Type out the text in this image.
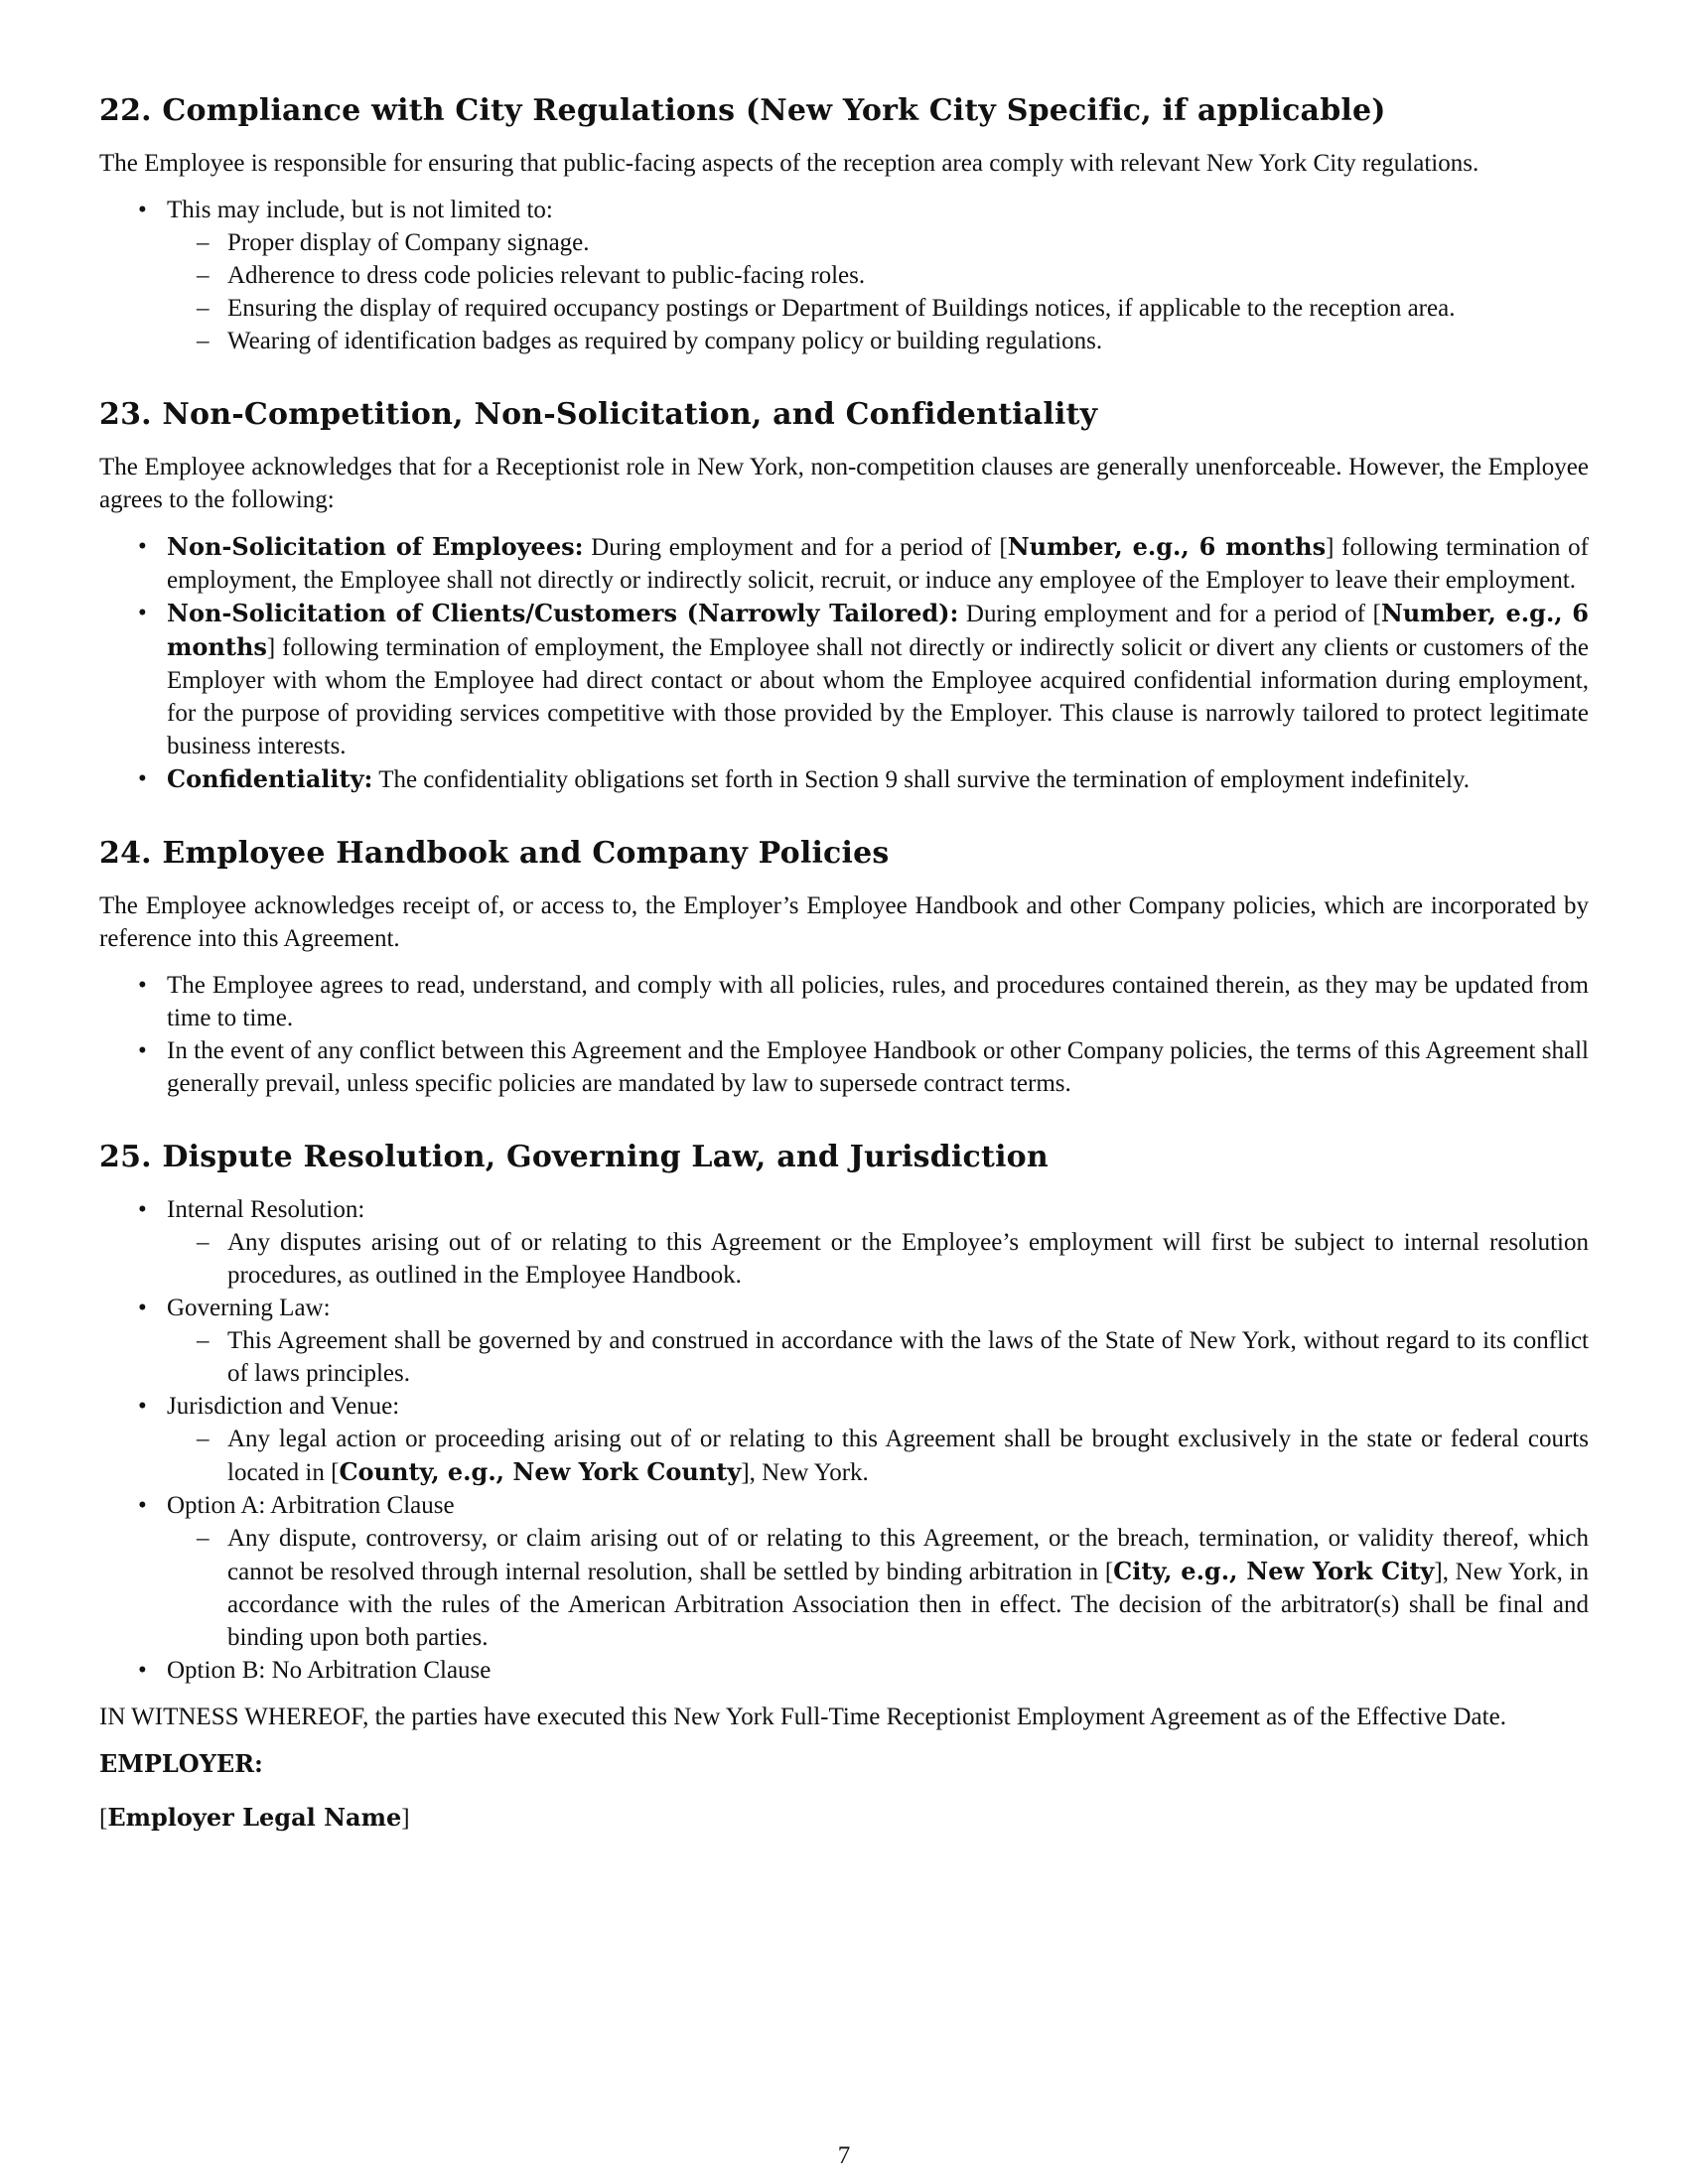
22. Compliance with City Regulations (New York City Specific, if applicable)

The Employee is responsible for ensuring that public-facing aspects of the reception area comply with relevant New York City regulations.

• This may include, but is not limited to:
– Proper display of Company signage.
– Adherence to dress code policies relevant to public-facing roles.
– Ensuring the display of required occupancy postings or Department of Buildings notices, if applicable to the reception area.
– Wearing of identification badges as required by company policy or building regulations.
23. Non-Competition, Non-Solicitation, and Confidentiality

The Employee acknowledges that for a Receptionist role in New York, non-competition clauses are generally unenforceable. However, the Employee agrees to the following:

• Non-Solicitation of Employees: During employment and for a period of [Number, e.g., 6 months] following termination of employment, the Employee shall not directly or indirectly solicit, recruit, or induce any employee of the Employer to leave their employment.
• Non-Solicitation of Clients/Customers (Narrowly Tailored): During employment and for a period of [Number, e.g., 6 months] following termination of employment, the Employee shall not directly or indirectly solicit or divert any clients or customers of the Employer with whom the Employee had direct contact or about whom the Employee acquired confidential information during employment, for the purpose of providing services competitive with those provided by the Employer. This clause is narrowly tailored to protect legitimate business interests.
• Confidentiality: The confidentiality obligations set forth in Section 9 shall survive the termination of employment indefinitely.
24. Employee Handbook and Company Policies

The Employee acknowledges receipt of, or access to, the Employer’s Employee Handbook and other Company policies, which are incorporated by reference into this Agreement.

• The Employee agrees to read, understand, and comply with all policies, rules, and procedures contained therein, as they may be updated from time to time.
• In the event of any conflict between this Agreement and the Employee Handbook or other Company policies, the terms of this Agreement shall generally prevail, unless specific policies are mandated by law to supersede contract terms.
25. Dispute Resolution, Governing Law, and Jurisdiction
• Internal Resolution:
– Any disputes arising out of or relating to this Agreement or the Employee’s employment will first be subject to internal resolution procedures, as outlined in the Employee Handbook.
• Governing Law:
– This Agreement shall be governed by and construed in accordance with the laws of the State of New York, without regard to its conflict of laws principles.
• Jurisdiction and Venue:
– Any legal action or proceeding arising out of or relating to this Agreement shall be brought exclusively in the state or federal courts located in [County, e.g., New York County], New York.
• Option A: Arbitration Clause
– Any dispute, controversy, or claim arising out of or relating to this Agreement, or the breach, termination, or validity thereof, which cannot be resolved through internal resolution, shall be settled by binding arbitration in [City, e.g., New York City], New York, in accordance with the rules of the American Arbitration Association then in effect. The decision of the arbitrator(s) shall be final and binding upon both parties.
• Option B: No Arbitration Clause

IN WITNESS WHEREOF, the parties have executed this New York Full-Time Receptionist Employment Agreement as of the Effective Date.

EMPLOYER:

[Employer Legal Name]

7
